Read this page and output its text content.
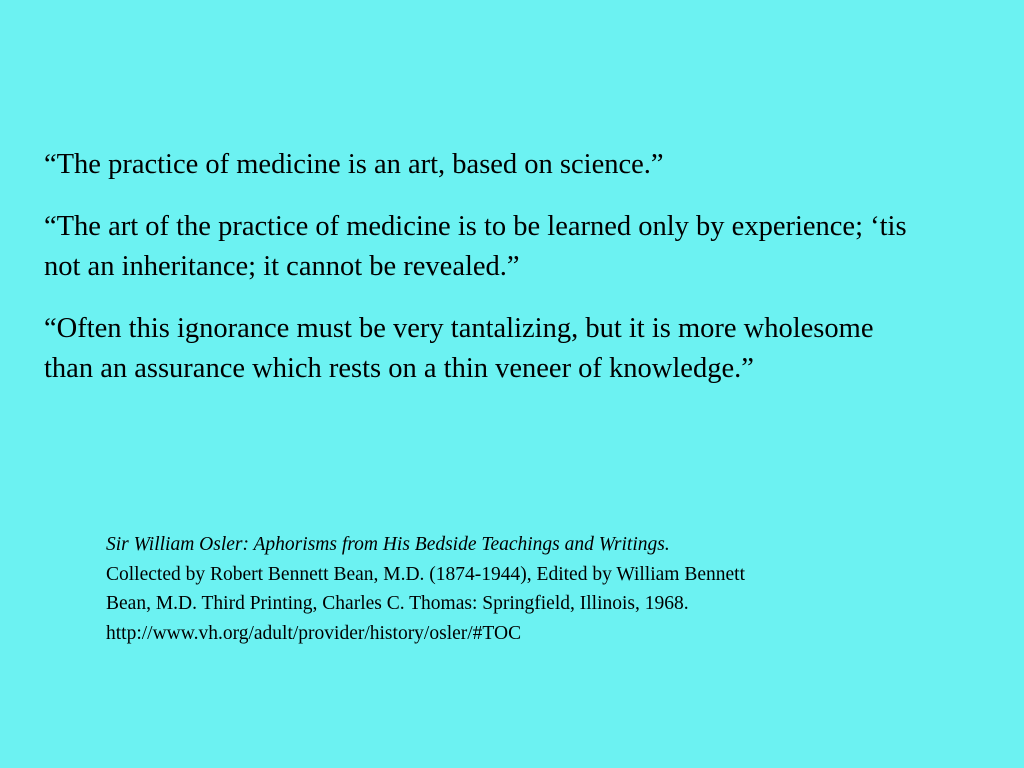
“The practice of medicine is an art, based on science.”

“The art of the practice of medicine is to be learned only by experience; ‘tis not an inheritance; it cannot be revealed.”

“Often this ignorance must be very tantalizing, but it is more wholesome than an assurance which rests on a thin veneer of knowledge.”

Sir William Osler: Aphorisms from His Bedside Teachings and Writings.
Collected by Robert Bennett Bean, M.D. (1874-1944), Edited by William Bennett
Bean, M.D. Third Printing, Charles C. Thomas: Springfield, Illinois, 1968.
http://www.vh.org/adult/provider/history/osler/#TOC
